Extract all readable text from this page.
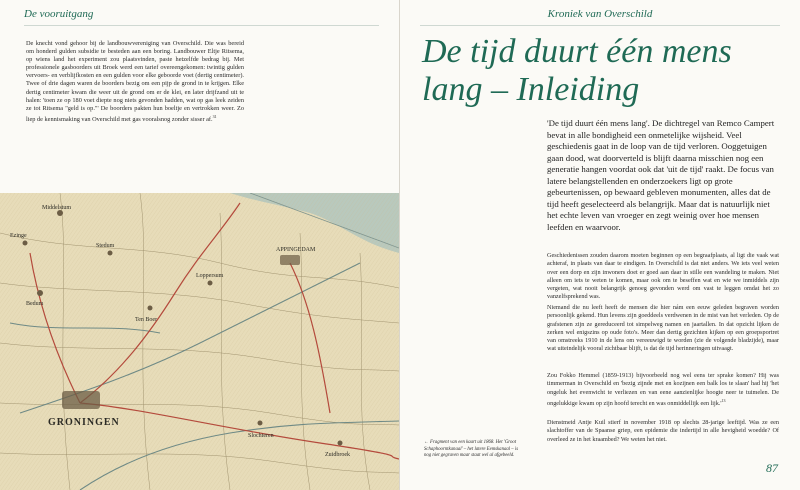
De vooruitgang
De knecht vond gehoor bij de landbouwvereniging van Overschild. Die was bereid om honderd gulden subsidie te besteden aan een boring. Landbouwer Eltje Ritsema, op wiens land het experiment zou plaatsvinden, paste hetzelfde bedrag bij. Met professionele gasboorders uit Broek werd een tarief overeengekomen: twintig gulden vervoers- en verblijfkosten en een gulden voor elke geboorde voet (dertig centimeter). Twee of drie dagen waren de boorders bezig om een pijp de grond in te krijgen. Elke dertig centimeter kwam die weer uit de grond om er de klei, en later drijfzand uit te halen: 'toen ze op 180 voet diepte nog niets gevonden hadden, wat op gas leek zeiden ze tot Ritsema "geld is op."' De boorders pakten hun boeltje en vertrokken weer. Zo liep de kennismaking van Overschild met gas vooralsnog zonder sisser af.$^{31}$
GRONINGEN
APPINGEDAM
Middelstum
Bedum
Ten Boer
Slochteren
Zuidbroek
Loppersum
Stedum
Ezinge
Kroniek van Overschild
De tijd duurt één mens lang – Inleiding
'De tijd duurt één mens lang'. De dichtregel van Remco Campert bevat in alle bondigheid een onmetelijke wijsheid. Veel geschiedenis gaat in de loop van de tijd verloren. Ooggetuigen gaan dood, wat doorverteld is blijft daarna misschien nog een generatie hangen voordat ook dat 'uit de tijd' raakt. De focus van latere belangstellenden en onderzoekers ligt op grote gebeurtenissen, op bewaard gebleven monumenten, alles dat de tijd heeft geselecteerd als belangrijk. Maar dat is natuurlijk niet het echte leven van vroeger en zegt weinig over hoe mensen leefden en waarvoor.
Geschiedenissen zouden daarom moeten beginnen op een begraafplaats, al ligt die vaak wat achteraf, in plaats van daar te eindigen. In Overschild is dat niet anders. We iets veel weten over een dorp en zijn inwoners doet er goed aan daar in stille een wandeling te maken. Niet alleen om iets te weten te komen, maar ook om te beseffen wat en wie we inmiddels zijn vergeten, wat nooit belangrijk genoeg gevonden werd om vast te leggen omdat het zo vanzelfsprekend was.
Niemand die nu leeft heeft de mensen die hier nám een eeuw geleden begraven worden persoonlijk gekend. Hun levens zijn goeddeels verdwenen in de mist van het verleden. Op de grafstenen zijn ze gereduceerd tot simpelweg namen en jaartallen. In dat opzicht lijken de zerken wel enigszins op oude foto's. Meer dan dertig gezichten kijken op een groepsportret van omstreeks 1910 in de lens om vereeuwigd te worden (zie de volgende bladzijde), maar wat uiteindelijk vooral zichtbaar blijft, is dat de tijd herinneringen uitvaagt.
Zou Fokko Hemmel (1859-1913) bijvoorbeeld nog wel eens ter sprake komen? Hij was timmerman in Overschild en 'bezig zijnde met en kozijnen een balk los te slaan' had hij 'het ongeluk het evenwicht te verliezen en van eene aanzienlijke hoogte neer te tuimelen. De ongelukkige kwam op zijn hoofd terecht en was onmiddellijk een $lijk.'^{13}$
Dienstmeid Antje Kuil stierf in november 1918 op slechts 28-jarige leeftijd. Was ze een slachtoffer van de Spaanse griep, een epidemie die indertijd in alle hevigheid woedde? Of overleed ze in het kraambed? We weten het niet.
87
← Fragment van een kaart uit 1868. Het 'Groot Schaphoorntkanaal' – het latere Eemskanaal – is nog niet gegraven maar staat wel al afgebeeld.
